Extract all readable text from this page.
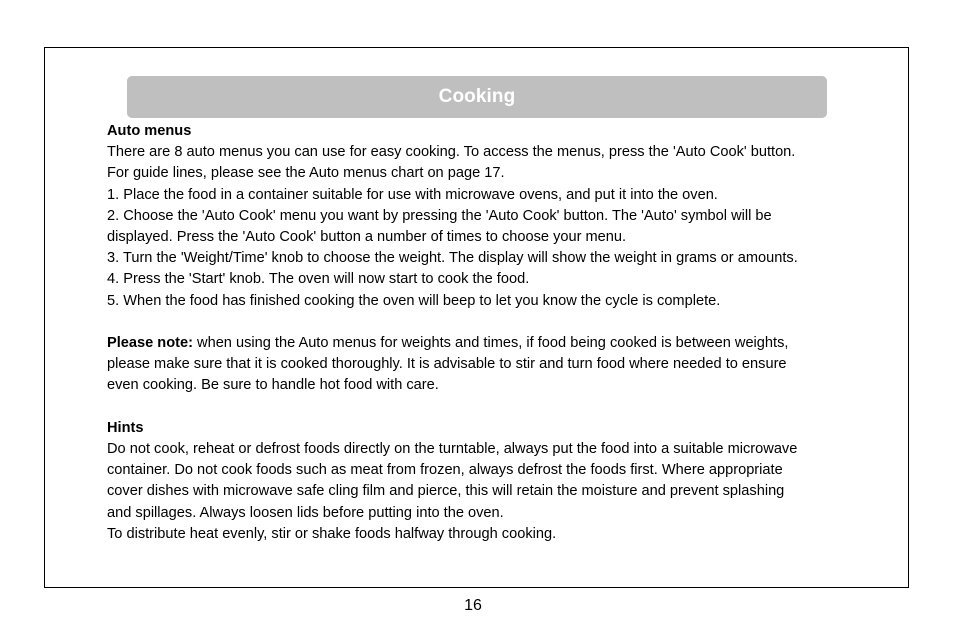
Cooking

Auto menus

There are 8 auto menus you can use for easy cooking. To access the menus, press the 'Auto Cook' button.

For guide lines, please see the Auto menus chart on page 17.

1. Place the food in a container suitable for use with microwave ovens, and put it into the oven.

2. Choose the 'Auto Cook' menu you want by pressing the 'Auto Cook' button. The 'Auto' symbol will be

displayed. Press the 'Auto Cook' button a number of times to choose your menu.

3. Turn the 'Weight/Time' knob to choose the weight. The display will show the weight in grams or amounts.

4. Press the 'Start' knob. The oven will now start to cook the food.

5. When the food has finished cooking the oven will beep to let you know the cycle is complete.

Please note: when using the Auto menus for weights and times, if food being cooked is between weights,

please make sure that it is cooked thoroughly. It is advisable to stir and turn food where needed to ensure

even cooking. Be sure to handle hot food with care.

Hints

Do not cook, reheat or defrost foods directly on the turntable, always put the food into a suitable microwave

container. Do not cook foods such as meat from frozen, always defrost the foods first. Where appropriate

cover dishes with microwave safe cling film and pierce, this will retain the moisture and prevent splashing

and spillages. Always loosen lids before putting into the oven.

To distribute heat evenly, stir or shake foods halfway through cooking.

16
